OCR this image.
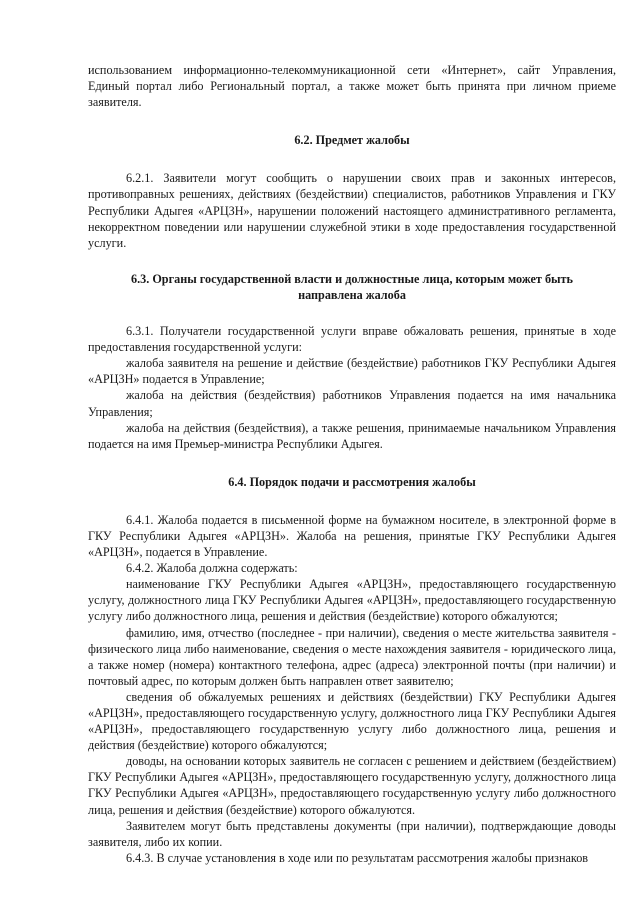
использованием информационно-телекоммуникационной сети «Интернет», сайт Управления, Единый портал либо Региональный портал, а также может быть принята при личном приеме заявителя.

6.2. Предмет жалобы

6.2.1. Заявители могут сообщить о нарушении своих прав и законных интересов, противоправных решениях, действиях (бездействии) специалистов, работников Управления и ГКУ Республики Адыгея «АРЦЗН», нарушении положений настоящего административного регламента, некорректном поведении или нарушении служебной этики в ходе предоставления государственной услуги.

6.3. Органы государственной власти и должностные лица, которым может быть

направлена жалоба

6.3.1. Получатели государственной услуги вправе обжаловать решения, принятые в ходе предоставления государственной услуги:

жалоба заявителя на решение и действие (бездействие) работников ГКУ Республики Адыгея «АРЦЗН» подается в Управление;

жалоба на действия (бездействия) работников Управления подается на имя начальника Управления;

жалоба на действия (бездействия), а также решения, принимаемые начальником Управления подается на имя Премьер-министра Республики Адыгея.

6.4. Порядок подачи и рассмотрения жалобы

6.4.1. Жалоба подается в письменной форме на бумажном носителе, в электронной форме в ГКУ Республики Адыгея «АРЦЗН». Жалоба на решения, принятые ГКУ Республики Адыгея «АРЦЗН», подается в Управление.

6.4.2. Жалоба должна содержать:

наименование ГКУ Республики Адыгея «АРЦЗН», предоставляющего государственную услугу, должностного лица ГКУ Республики Адыгея «АРЦЗН», предоставляющего государственную услугу либо должностного лица, решения и действия (бездействие) которого обжалуются;

фамилию, имя, отчество (последнее - при наличии), сведения о месте жительства заявителя - физического лица либо наименование, сведения о месте нахождения заявителя - юридического лица, а также номер (номера) контактного телефона, адрес (адреса) электронной почты (при наличии) и почтовый адрес, по которым должен быть направлен ответ заявителю;

сведения об обжалуемых решениях и действиях (бездействии) ГКУ Республики Адыгея «АРЦЗН», предоставляющего государственную услугу, должностного лица ГКУ Республики Адыгея «АРЦЗН», предоставляющего государственную услугу либо должностного лица, решения и действия (бездействие) которого обжалуются;

доводы, на основании которых заявитель не согласен с решением и действием (бездействием) ГКУ Республики Адыгея «АРЦЗН», предоставляющего государственную услугу, должностного лица ГКУ Республики Адыгея «АРЦЗН», предоставляющего государственную услугу либо должностного лица, решения и действия (бездействие) которого обжалуются.

Заявителем могут быть представлены документы (при наличии), подтверждающие доводы заявителя, либо их копии.

6.4.3. В случае установления в ходе или по результатам рассмотрения жалобы признаков
